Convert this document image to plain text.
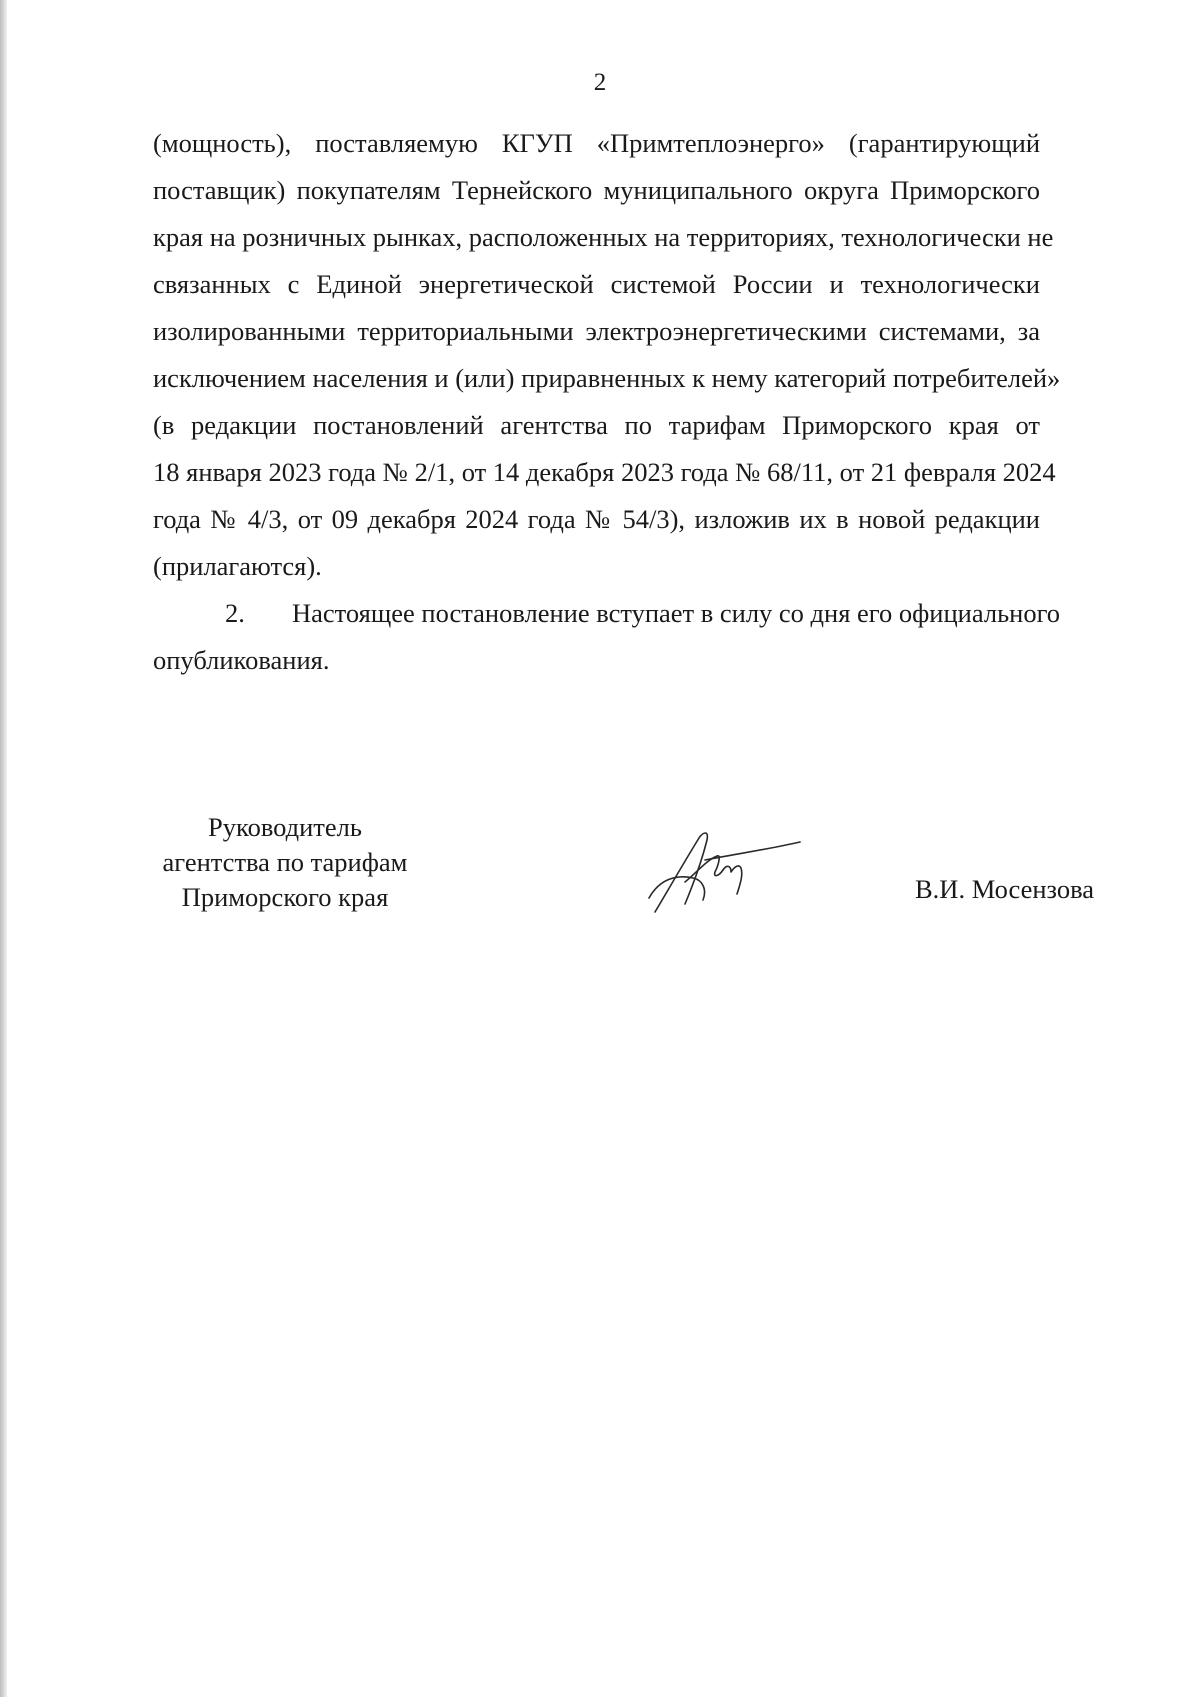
2
(мощность), поставляемую КГУП «Примтеплоэнерго» (гарантирующий
поставщик) покупателям Тернейского муниципального округа Приморского
края на розничных рынках, расположенных на территориях, технологически не
связанных с Единой энергетической системой России и технологически
изолированными территориальными электроэнергетическими системами, за
исключением населения и (или) приравненных к нему категорий потребителей»
(в редакции постановлений агентства по тарифам Приморского края от
18 января 2023 года № 2/1, от 14 декабря 2023 года № 68/11, от 21 февраля 2024
года № 4/3, от 09 декабря 2024 года № 54/3), изложив их в новой редакции
(прилагаются).
2.	Настоящее постановление вступает в силу со дня его официального
опубликования.
Руководитель
агентства по тарифам
Приморского края	В.И. Мосензова
